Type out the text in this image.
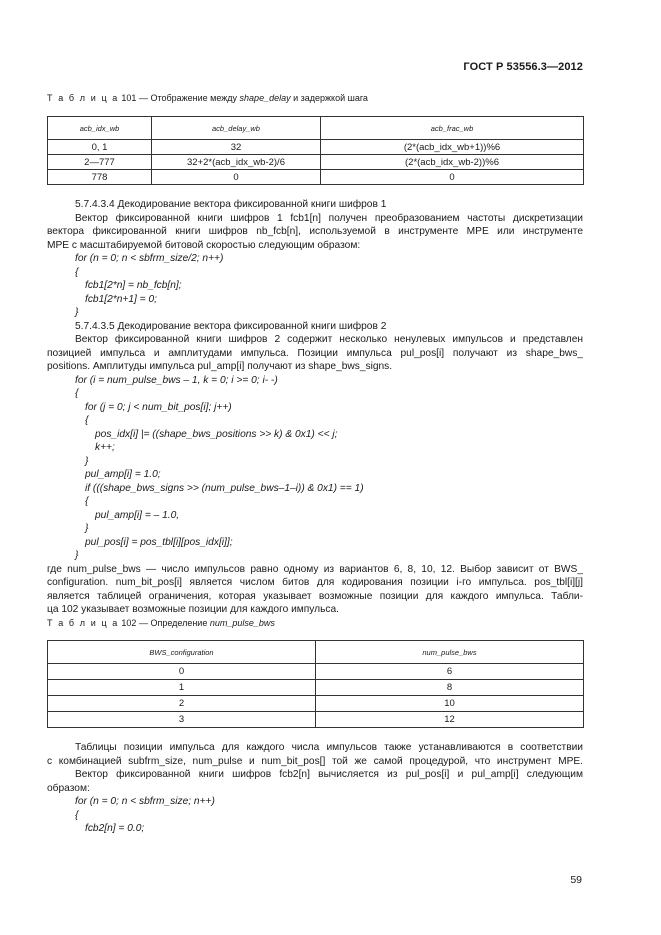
ГОСТ Р 53556.3—2012
Т а б л и ц а 101 — Отображение между shape_delay и задержкой шага
acb_idx_wb	acb_delay_wb	acb_frac_wb
0, 1	32	(2*(acb_idx_wb+1))%6
2—777	32+2*(acb_idx_wb-2)/6	(2*(acb_idx_wb-2))%6
778	0	0
5.7.4.3.4 Декодирование вектора фиксированной книги шифров 1
Вектор фиксированной книги шифров 1 fcb1[n] получен преобразованием частоты дискретизации
вектора фиксированной книги шифров nb_fcb[n], используемой в инструменте MPE или инструменте
MPE с масштабируемой битовой скоростью следующим образом:
for (n = 0; n < sbfrm_size/2; n++)
{
fcb1[2*n] = nb_fcb[n];
fcb1[2*n+1] = 0;
}
5.7.4.3.5 Декодирование вектора фиксированной книги шифров 2
Вектор фиксированной книги шифров 2 содержит несколько ненулевых импульсов и представлен
позицией импульса и амплитудами импульса. Позиции импульса pul_pos[i] получают из shape_bws_
positions. Амплитуды импульса pul_amp[i] получают из shape_bws_signs.
for (i = num_pulse_bws – 1, k = 0; i >= 0; i- -)
{
for (j = 0; j < num_bit_pos[i]; j++)
{
pos_idx[i] |= ((shape_bws_positions >> k) & 0x1) << j;
k++;
}
pul_amp[i] = 1.0;
if (((shape_bws_signs >> (num_pulse_bws–1–i)) & 0x1) == 1)
{
pul_amp[i] = – 1.0,
}
pul_pos[i] = pos_tbl[i][pos_idx[i]];
}
где num_pulse_bws — число импульсов равно одному из вариантов 6, 8, 10, 12. Выбор зависит от BWS_
configuration. num_bit_pos[i] является числом битов для кодирования позиции i-го импульса. pos_tbl[i][j]
является таблицей ограничения, которая указывает возможные позиции для каждого импульса. Табли-
ца 102 указывает возможные позиции для каждого импульса.
Т а б л и ц а 102 — Определение num_pulse_bws
BWS_configuration	num_pulse_bws
0	6
1	8
2	10
3	12
Таблицы позиции импульса для каждого числа импульсов также устанавливаются в соответствии
с комбинацией subfrm_size, num_pulse и num_bit_pos[] той же самой процедурой, что инструмент MPE.
Вектор фиксированной книги шифров fcb2[n] вычисляется из pul_pos[i] и pul_amp[i] следующим
образом:
for (n = 0; n < sbfrm_size; n++)
{
fcb2[n] = 0.0;
59
